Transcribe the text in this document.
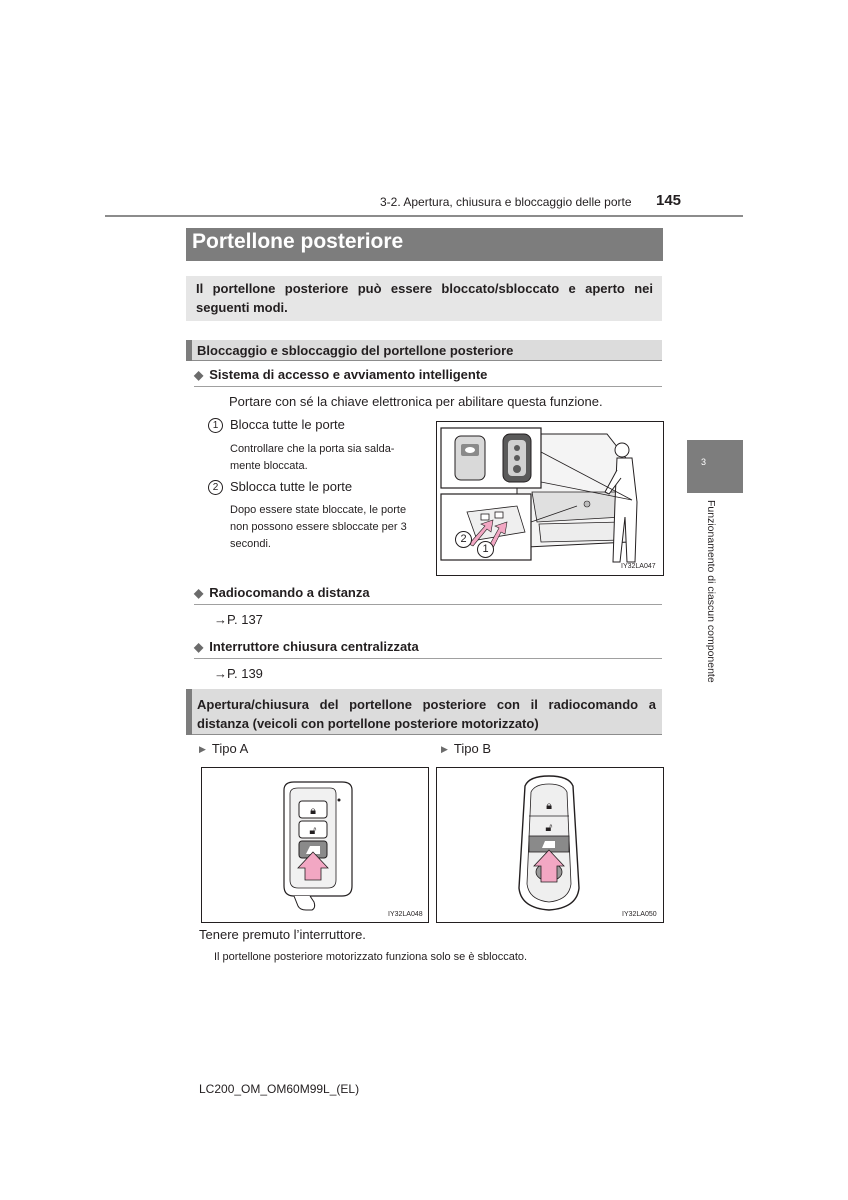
3-2. Apertura, chiusura e bloccaggio delle porte 145
Portellone posteriore
Il portellone posteriore può essere bloccato/sbloccato e aperto nei seguenti modi.
Bloccaggio e sbloccaggio del portellone posteriore
◆ Sistema di accesso e avviamento intelligente
Portare con sé la chiave elettronica per abilitare questa funzione.
1 Blocca tutte le porte
Controllare che la porta sia salda-
mente bloccata.
2 Sblocca tutte le porte
Dopo essere state bloccate, le porte
non possono essere sbloccate per 3
secondi.	2
1
IY32LA047
◆ Radiocomando a distanza
→P. 137
◆ Interruttore chiusura centralizzata
→P. 139
Apertura/chiusura del portellone posteriore con il radiocomando a
distanza (veicoli con portellone posteriore motorizzato)
▶ Tipo A	▶ Tipo B
🔒︎
🔓︎
IY32LA048
🔒︎
🔓︎
IY32LA050
Tenere premuto l’interruttore.
Il portellone posteriore motorizzato funziona solo se è sbloccato.
3
Funzionamento di ciascun componente
LC200_OM_OM60M99L_(EL)
